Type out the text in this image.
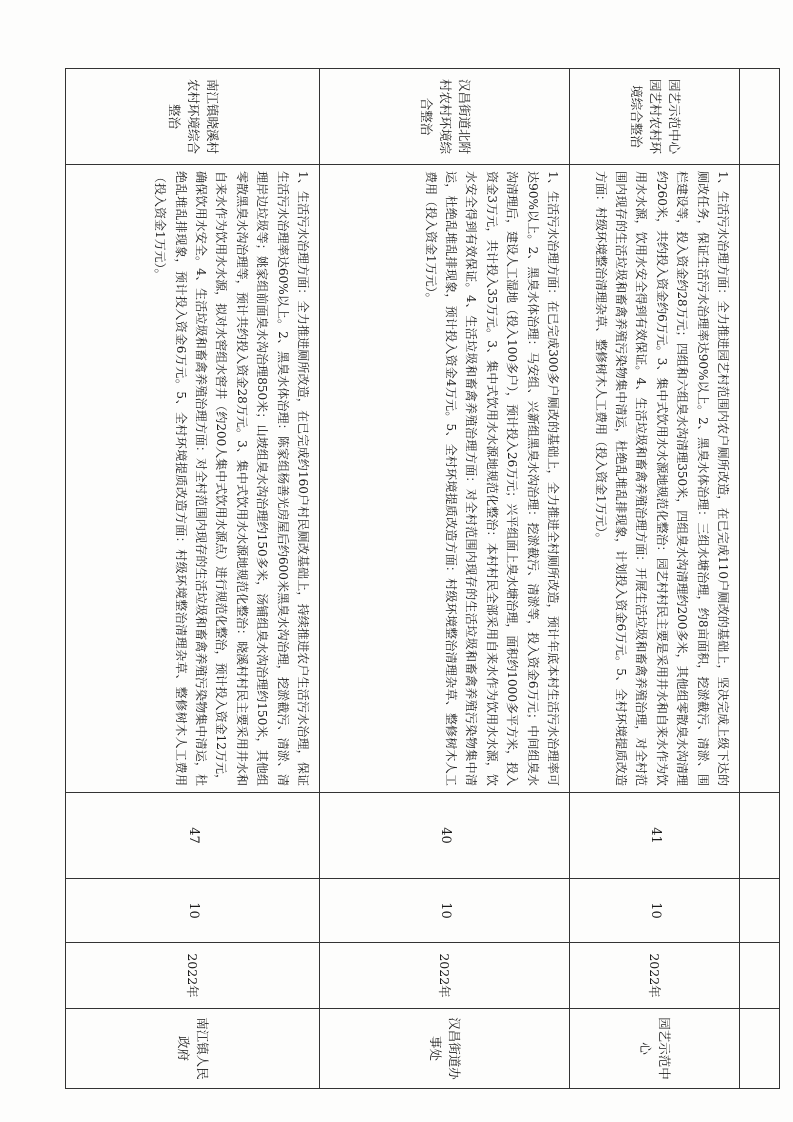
园艺示范中心园艺村农村环境综合整治	1、生活污水治理方面：全力推进园艺村范围内农户厕所改造，在已完成110户厕改的基础上，坚决完成上级下达的厕改任务，保证生活污水治理率达90%以上。2、黑臭水体治理：三组水塘治理，约8亩面积，挖淤截污、清淤、围栏建设等，投入资金约28万元；四组和六组臭水沟清理350米，四组臭水沟清理约200多米，其他组零散臭水沟清理约260米，共约投入资金约6万元。3、集中式饮用水水源地规范化整治：园艺村村民主要是采用井水和自来水作为饮用水水源，饮用水安全得到有效保证。4、生活垃圾和畜禽养殖治理方面：开展生活垃圾和畜禽养殖治理，对全村范围内现存的生活垃圾和畜禽养殖污染物集中清运，杜绝乱堆乱排现象，计划投入资金6万元。5、全村环境提质改造方面：村级环境整治清理杂草、整修树木人工费用（投入资金1万元）。	41	10	2022年	园艺示范中心
汉昌街道北附村农村环境综合整治	1、生活污水治理方面：在已完成300多户厕改的基础上，全力推进全村厕所改造，预计年底本村生活污水治理率可达90%以上。2、黑臭水体治理：马安组、兴新组黑臭水沟治理：挖淤截污、清淤等，投入资金6万元；中间组臭水沟清理后，建设人工湿地（投入100多户），预计投入26万元；兴平组面上臭水塘治理，面积约1000多平方米，投入资金3万元，共计投入35万元。3、集中式饮用水水源地规范化整治：本村村民全部采用自来水作为饮用水水源，饮水安全得到有效保证。4、生活垃圾和畜禽养殖治理方面：对全村范围内现存的生活垃圾和畜禽养殖污染物集中清运，杜绝乱堆乱排现象，预计投入资金4万元。5、全村环境提质改造方面：村级环境整治清理杂草、整修树木人工费用（投入资金1万元）。	40	10	2022年	汉昌街道办事处
南江镇晓溪村农村环境综合整治	1、生活污水治理方面：全力推进厕所改造，在已完成约160户村民厕改基础上，持续推进农户生活污水治理，保证生活污水治理率达60%以上。2、黑臭水体治理：陈家组杨善光房屋后约600米黑臭水沟治理，挖淤截污、清淤、清理岸边垃圾等；姚家组前面臭水沟治理850米；山坡组臭水沟治理约150多米，汤铺组臭水沟治理约150米，其他组零散黑臭水沟治理等，预计共约投入资金28万元。3、集中式饮用水水源地规范化整治：晓溪村村民主要采用井水和自来水作为饮用水水源，拟对水窖组水窖井（约200人集中式饮用水源点）进行规范化整治，预计投入资金12万元，确保饮用水安全。4、生活垃圾和畜禽养殖治理方面：对全村范围内现存的生活垃圾和畜禽养殖污染物集中清运，杜绝乱堆乱排现象，预计投入资金6万元。5、全村环境提质改造方面：村级环境整治清理杂草、整修树木人工费用（投入资金1万元）。	47	10	2022年	南江镇人民政府
